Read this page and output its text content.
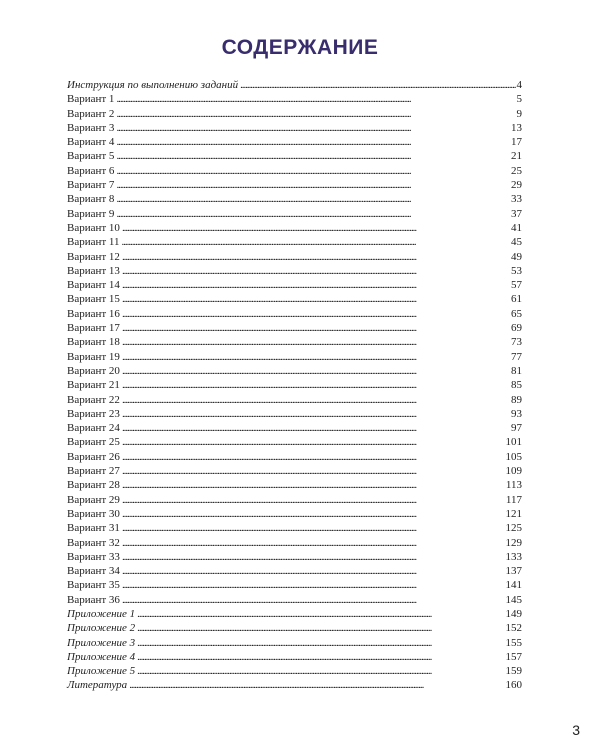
СОДЕРЖАНИЕ
Инструкция по выполнению заданий . . .	4
Вариант 1 . . .	5
Вариант 2 . . .	9
Вариант 3 . . .	13
Вариант 4 . . .	17
Вариант 5 . . .	21
Вариант 6 . . .	25
Вариант 7 . . .	29
Вариант 8 . . .	33
Вариант 9 . . .	37
Вариант 10 . . .	41
Вариант 11 . . .	45
Вариант 12 . . .	49
Вариант 13 . . .	53
Вариант 14 . . .	57
Вариант 15 . . .	61
Вариант 16 . . .	65
Вариант 17 . . .	69
Вариант 18 . . .	73
Вариант 19 . . .	77
Вариант 20 . . .	81
Вариант 21 . . .	85
Вариант 22 . . .	89
Вариант 23 . . .	93
Вариант 24 . . .	97
Вариант 25 . . .	101
Вариант 26 . . .	105
Вариант 27 . . .	109
Вариант 28 . . .	113
Вариант 29 . . .	117
Вариант 30 . . .	121
Вариант 31 . . .	125
Вариант 32 . . .	129
Вариант 33 . . .	133
Вариант 34 . . .	137
Вариант 35 . . .	141
Вариант 36 . . .	145
Приложение 1 . . .	149
Приложение 2 . . .	152
Приложение 3 . . .	155
Приложение 4 . . .	157
Приложение 5 . . .	159
Литература . . .	160
3
